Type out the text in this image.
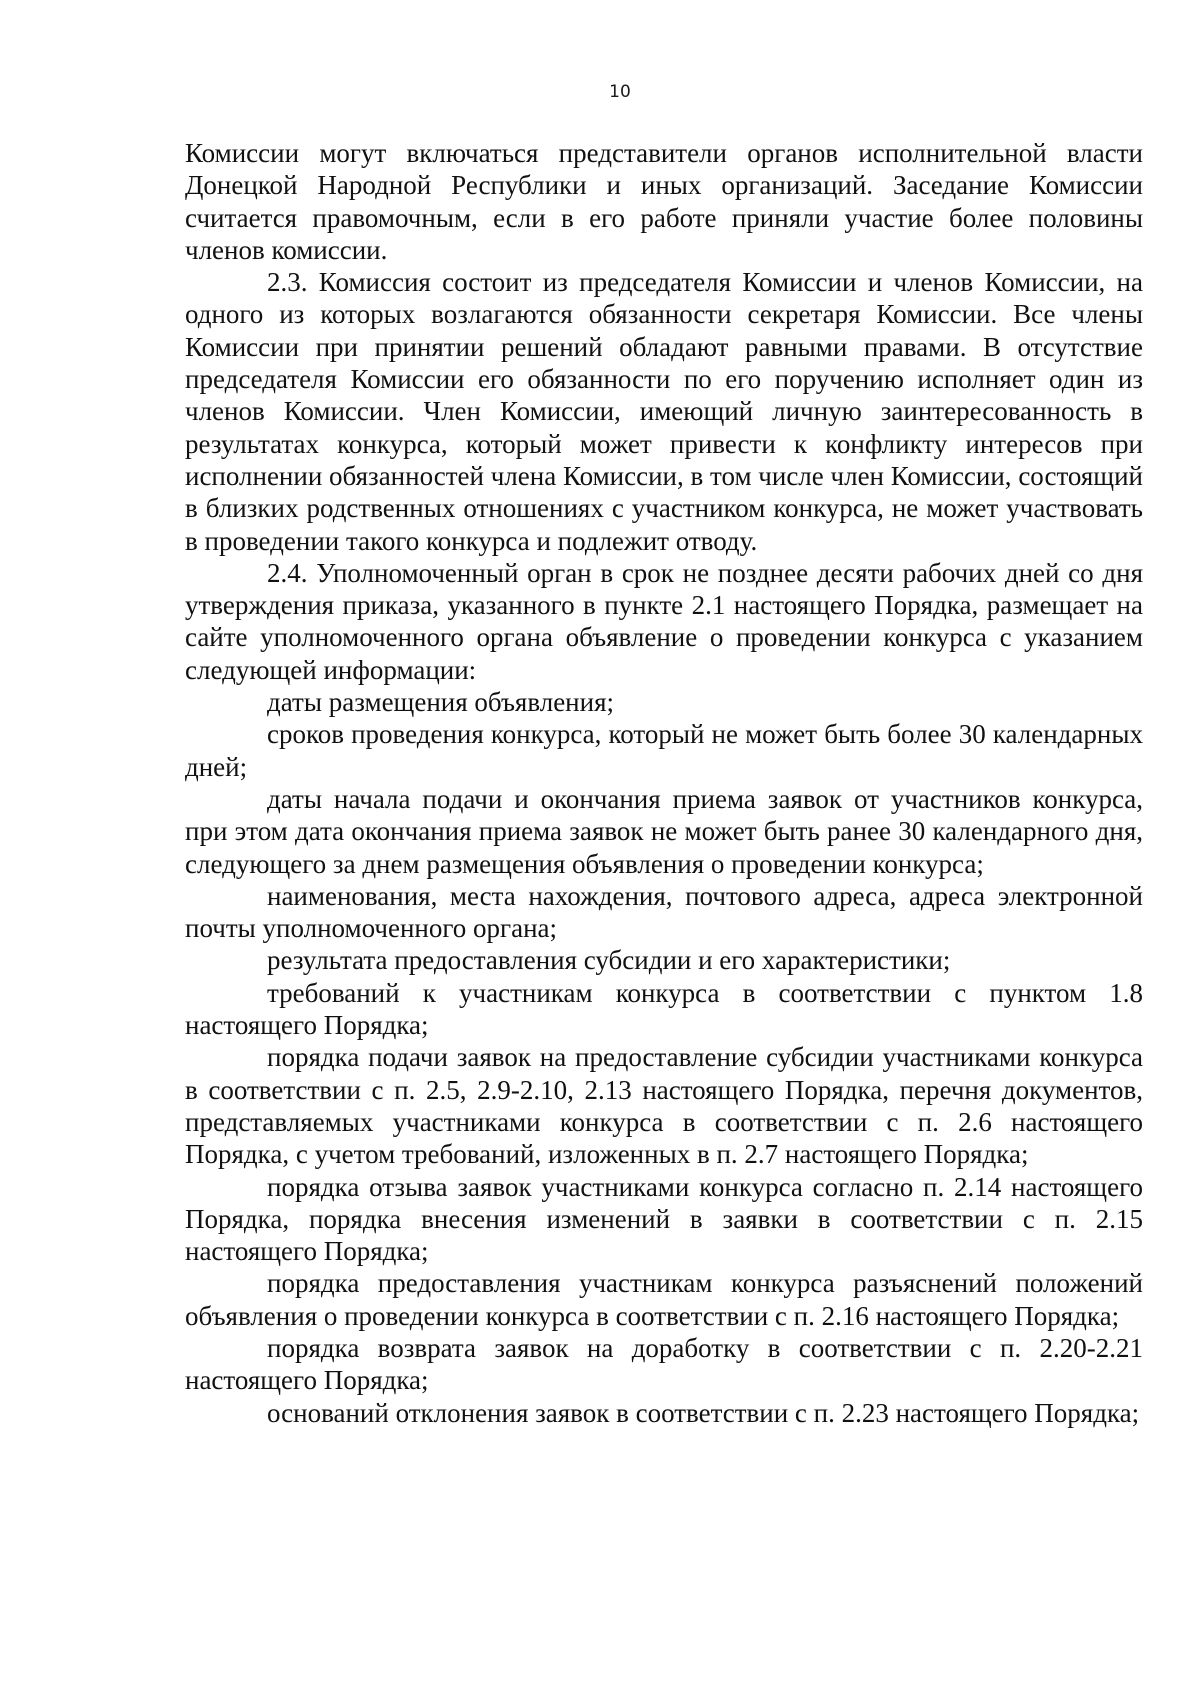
10

Комиссии могут включаться представители органов исполнительной власти Донецкой Народной Республики и иных организаций. Заседание Комиссии считается правомочным, если в его работе приняли участие более половины членов комиссии.

2.3. Комиссия состоит из председателя Комиссии и членов Комиссии, на одного из которых возлагаются обязанности секретаря Комиссии. Все члены Комиссии при принятии решений обладают равными правами. В отсутствие председателя Комиссии его обязанности по его поручению исполняет один из членов Комиссии. Член Комиссии, имеющий личную заинтересованность в результатах конкурса, который может привести к конфликту интересов при исполнении обязанностей члена Комиссии, в том числе член Комиссии, состоящий в близких родственных отношениях с участником конкурса, не может участвовать в проведении такого конкурса и подлежит отводу.

2.4. Уполномоченный орган в срок не позднее десяти рабочих дней со дня утверждения приказа, указанного в пункте 2.1 настоящего Порядка, размещает на сайте уполномоченного органа объявление о проведении конкурса с указанием следующей информации:

даты размещения объявления;

сроков проведения конкурса, который не может быть более 30 календарных дней;

даты начала подачи и окончания приема заявок от участников конкурса, при этом дата окончания приема заявок не может быть ранее 30 календарного дня, следующего за днем размещения объявления о проведении конкурса;

наименования, места нахождения, почтового адреса, адреса электронной почты уполномоченного органа;

результата предоставления субсидии и его характеристики;

требований к участникам конкурса в соответствии с пунктом 1.8 настоящего Порядка;

порядка подачи заявок на предоставление субсидии участниками конкурса в соответствии с п. 2.5, 2.9-2.10, 2.13 настоящего Порядка, перечня документов, представляемых участниками конкурса в соответствии с п. 2.6 настоящего Порядка, с учетом требований, изложенных в п. 2.7 настоящего Порядка;

порядка отзыва заявок участниками конкурса согласно п. 2.14 настоящего Порядка, порядка внесения изменений в заявки в соответствии с п. 2.15 настоящего Порядка;

порядка предоставления участникам конкурса разъяснений положений объявления о проведении конкурса в соответствии с п. 2.16 настоящего Порядка;

порядка возврата заявок на доработку в соответствии с п. 2.20-2.21 настоящего Порядка;

оснований отклонения заявок в соответствии с п. 2.23 настоящего Порядка;
